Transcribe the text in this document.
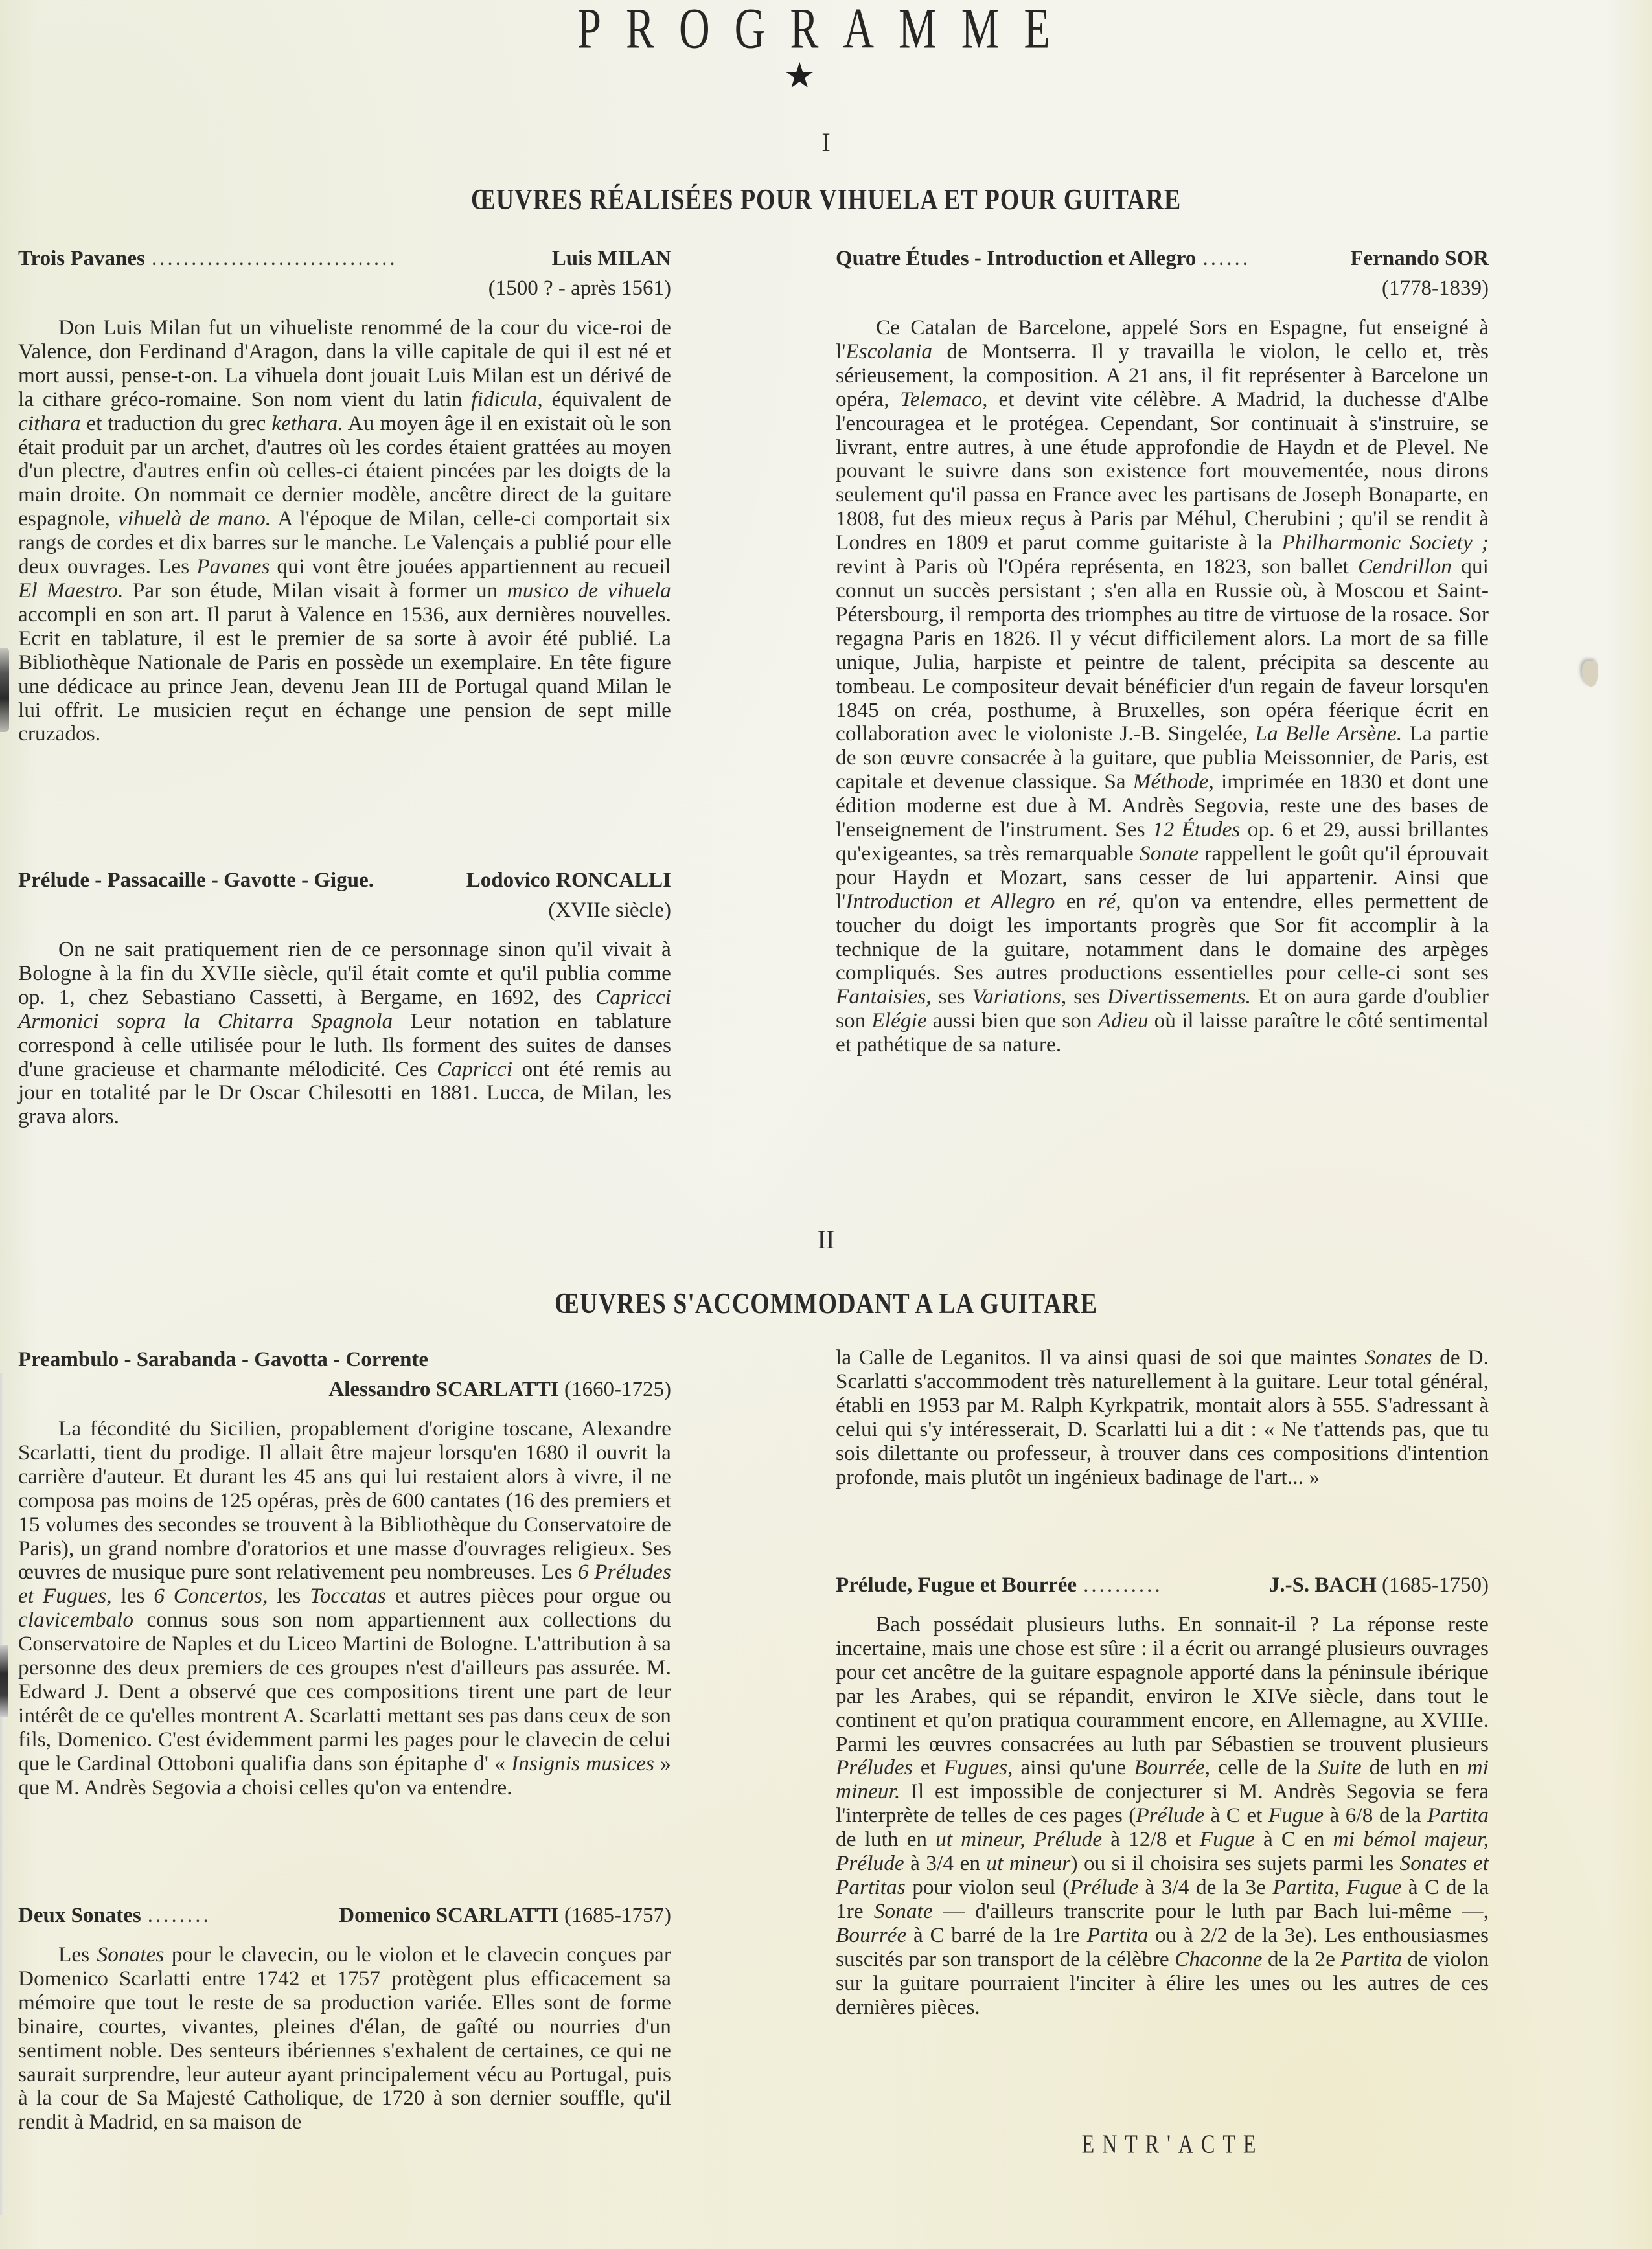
PROGRAMME
★
I
ŒUVRES RÉALISÉES POUR VIHUELA ET POUR GUITARE
Trois Pavanes ...............................	Luis MILAN
(1500 ? - après 1561)

Don Luis Milan fut un vihueliste renommé de la cour du vice-roi de Valence, don Ferdinand d'Aragon, dans la ville capitale de qui il est né et mort aussi, pense-t-on. La vihuela dont jouait Luis Milan est un dérivé de la cithare gréco-romaine. Son nom vient du latin fidicula, équivalent de cithara et traduction du grec kethara. Au moyen âge il en existait où le son était produit par un archet, d'autres où les cordes étaient grattées au moyen d'un plectre, d'autres enfin où celles-ci étaient pincées par les doigts de la main droite. On nommait ce dernier modèle, ancêtre direct de la guitare espagnole, vihuelà de mano. A l'époque de Milan, celle-ci comportait six rangs de cordes et dix barres sur le manche. Le Valençais a publié pour elle deux ouvrages. Les Pavanes qui vont être jouées appartiennent au recueil El Maestro. Par son étude, Milan visait à former un musico de vihuela accompli en son art. Il parut à Valence en 1536, aux dernières nouvelles. Ecrit en tablature, il est le premier de sa sorte à avoir été publié. La Bibliothèque Nationale de Paris en possède un exemplaire. En tête figure une dédicace au prince Jean, devenu Jean III de Portugal quand Milan le lui offrit. Le musicien reçut en échange une pension de sept mille cruzados.

Prélude - Passacaille - Gavotte - Gigue.	Lodovico RONCALLI
(XVIIe siècle)

On ne sait pratiquement rien de ce personnage sinon qu'il vivait à Bologne à la fin du XVIIe siècle, qu'il était comte et qu'il publia comme op. 1, chez Sebastiano Cassetti, à Bergame, en 1692, des Capricci Armonici sopra la Chitarra Spagnola Leur notation en tablature correspond à celle utilisée pour le luth. Ils forment des suites de danses d'une gracieuse et charmante mélodicité. Ces Capricci ont été remis au jour en totalité par le Dr Oscar Chilesotti en 1881. Lucca, de Milan, les grava alors.

Quatre Études - Introduction et Allegro ......	Fernando SOR
(1778-1839)

Ce Catalan de Barcelone, appelé Sors en Espagne, fut enseigné à l'Escolania de Montserra. Il y travailla le violon, le cello et, très sérieusement, la composition. A 21 ans, il fit représenter à Barcelone un opéra, Telemaco, et devint vite célèbre. A Madrid, la duchesse d'Albe l'encouragea et le protégea. Cependant, Sor continuait à s'instruire, se livrant, entre autres, à une étude approfondie de Haydn et de Plevel. Ne pouvant le suivre dans son existence fort mouvementée, nous dirons seulement qu'il passa en France avec les partisans de Joseph Bonaparte, en 1808, fut des mieux reçus à Paris par Méhul, Cherubini ; qu'il se rendit à Londres en 1809 et parut comme guitariste à la Philharmonic Society ; revint à Paris où l'Opéra représenta, en 1823, son ballet Cendrillon qui connut un succès persistant ; s'en alla en Russie où, à Moscou et Saint-Pétersbourg, il remporta des triomphes au titre de virtuose de la rosace. Sor regagna Paris en 1826. Il y vécut difficilement alors. La mort de sa fille unique, Julia, harpiste et peintre de talent, précipita sa descente au tombeau. Le compositeur devait bénéficier d'un regain de faveur lorsqu'en 1845 on créa, posthume, à Bruxelles, son opéra féerique écrit en collaboration avec le violoniste J.-B. Singelée, La Belle Arsène. La partie de son œuvre consacrée à la guitare, que publia Meissonnier, de Paris, est capitale et devenue classique. Sa Méthode, imprimée en 1830 et dont une édition moderne est due à M. Andrès Segovia, reste une des bases de l'enseignement de l'instrument. Ses 12 Études op. 6 et 29, aussi brillantes qu'exigeantes, sa très remarquable Sonate rappellent le goût qu'il éprouvait pour Haydn et Mozart, sans cesser de lui appartenir. Ainsi que l'Introduction et Allegro en ré, qu'on va entendre, elles permettent de toucher du doigt les importants progrès que Sor fit accomplir à la technique de la guitare, notamment dans le domaine des arpèges compliqués. Ses autres productions essentielles pour celle-ci sont ses Fantaisies, ses Variations, ses Divertissements. Et on aura garde d'oublier son Elégie aussi bien que son Adieu où il laisse paraître le côté sentimental et pathétique de sa nature.

II
ŒUVRES S'ACCOMMODANT A LA GUITARE
Preambulo - Sarabanda - Gavotta - Corrente
Alessandro SCARLATTI (1660-1725)

La fécondité du Sicilien, propablement d'origine toscane, Alexandre Scarlatti, tient du prodige. Il allait être majeur lorsqu'en 1680 il ouvrit la carrière d'auteur. Et durant les 45 ans qui lui restaient alors à vivre, il ne composa pas moins de 125 opéras, près de 600 cantates (16 des premiers et 15 volumes des secondes se trouvent à la Bibliothèque du Conservatoire de Paris), un grand nombre d'oratorios et une masse d'ouvrages religieux. Ses œuvres de musique pure sont relativement peu nombreuses. Les 6 Préludes et Fugues, les 6 Concertos, les Toccatas et autres pièces pour orgue ou clavicembalo connus sous son nom appartiennent aux collections du Conservatoire de Naples et du Liceo Martini de Bologne. L'attribution à sa personne des deux premiers de ces groupes n'est d'ailleurs pas assurée. M. Edward J. Dent a observé que ces compositions tirent une part de leur intérêt de ce qu'elles montrent A. Scarlatti mettant ses pas dans ceux de son fils, Domenico. C'est évidemment parmi les pages pour le clavecin de celui que le Cardinal Ottoboni qualifia dans son épitaphe d' « Insignis musices » que M. Andrès Segovia a choisi celles qu'on va entendre.

Deux Sonates ........	Domenico SCARLATTI (1685-1757)

Les Sonates pour le clavecin, ou le violon et le clavecin conçues par Domenico Scarlatti entre 1742 et 1757 protègent plus efficacement sa mémoire que tout le reste de sa production variée. Elles sont de forme binaire, courtes, vivantes, pleines d'élan, de gaîté ou nourries d'un sentiment noble. Des senteurs ibériennes s'exhalent de certaines, ce qui ne saurait surprendre, leur auteur ayant principalement vécu au Portugal, puis à la cour de Sa Majesté Catholique, de 1720 à son dernier souffle, qu'il rendit à Madrid, en sa maison de

la Calle de Leganitos. Il va ainsi quasi de soi que maintes Sonates de D. Scarlatti s'accommodent très naturellement à la guitare. Leur total général, établi en 1953 par M. Ralph Kyrkpatrik, montait alors à 555. S'adressant à celui qui s'y intéresserait, D. Scarlatti lui a dit : « Ne t'attends pas, que tu sois dilettante ou professeur, à trouver dans ces compositions d'intention profonde, mais plutôt un ingénieux badinage de l'art... »

Prélude, Fugue et Bourrée ..........	J.-S. BACH (1685-1750)

Bach possédait plusieurs luths. En sonnait-il ? La réponse reste incertaine, mais une chose est sûre : il a écrit ou arrangé plusieurs ouvrages pour cet ancêtre de la guitare espagnole apporté dans la péninsule ibérique par les Arabes, qui se répandit, environ le XIVe siècle, dans tout le continent et qu'on pratiqua couramment encore, en Allemagne, au XVIIIe. Parmi les œuvres consacrées au luth par Sébastien se trouvent plusieurs Préludes et Fugues, ainsi qu'une Bourrée, celle de la Suite de luth en mi mineur. Il est impossible de conjecturer si M. Andrès Segovia se fera l'interprète de telles de ces pages (Prélude à C et Fugue à 6/8 de la Partita de luth en ut mineur, Prélude à 12/8 et Fugue à C en mi bémol majeur, Prélude à 3/4 en ut mineur) ou si il choisira ses sujets parmi les Sonates et Partitas pour violon seul (Prélude à 3/4 de la 3e Partita, Fugue à C de la 1re Sonate — d'ailleurs transcrite pour le luth par Bach lui-même —, Bourrée à C barré de la 1re Partita ou à 2/2 de la 3e). Les enthousiasmes suscités par son transport de la célèbre Chaconne de la 2e Partita de violon sur la guitare pourraient l'inciter à élire les unes ou les autres de ces dernières pièces.

ENTR'ACTE
